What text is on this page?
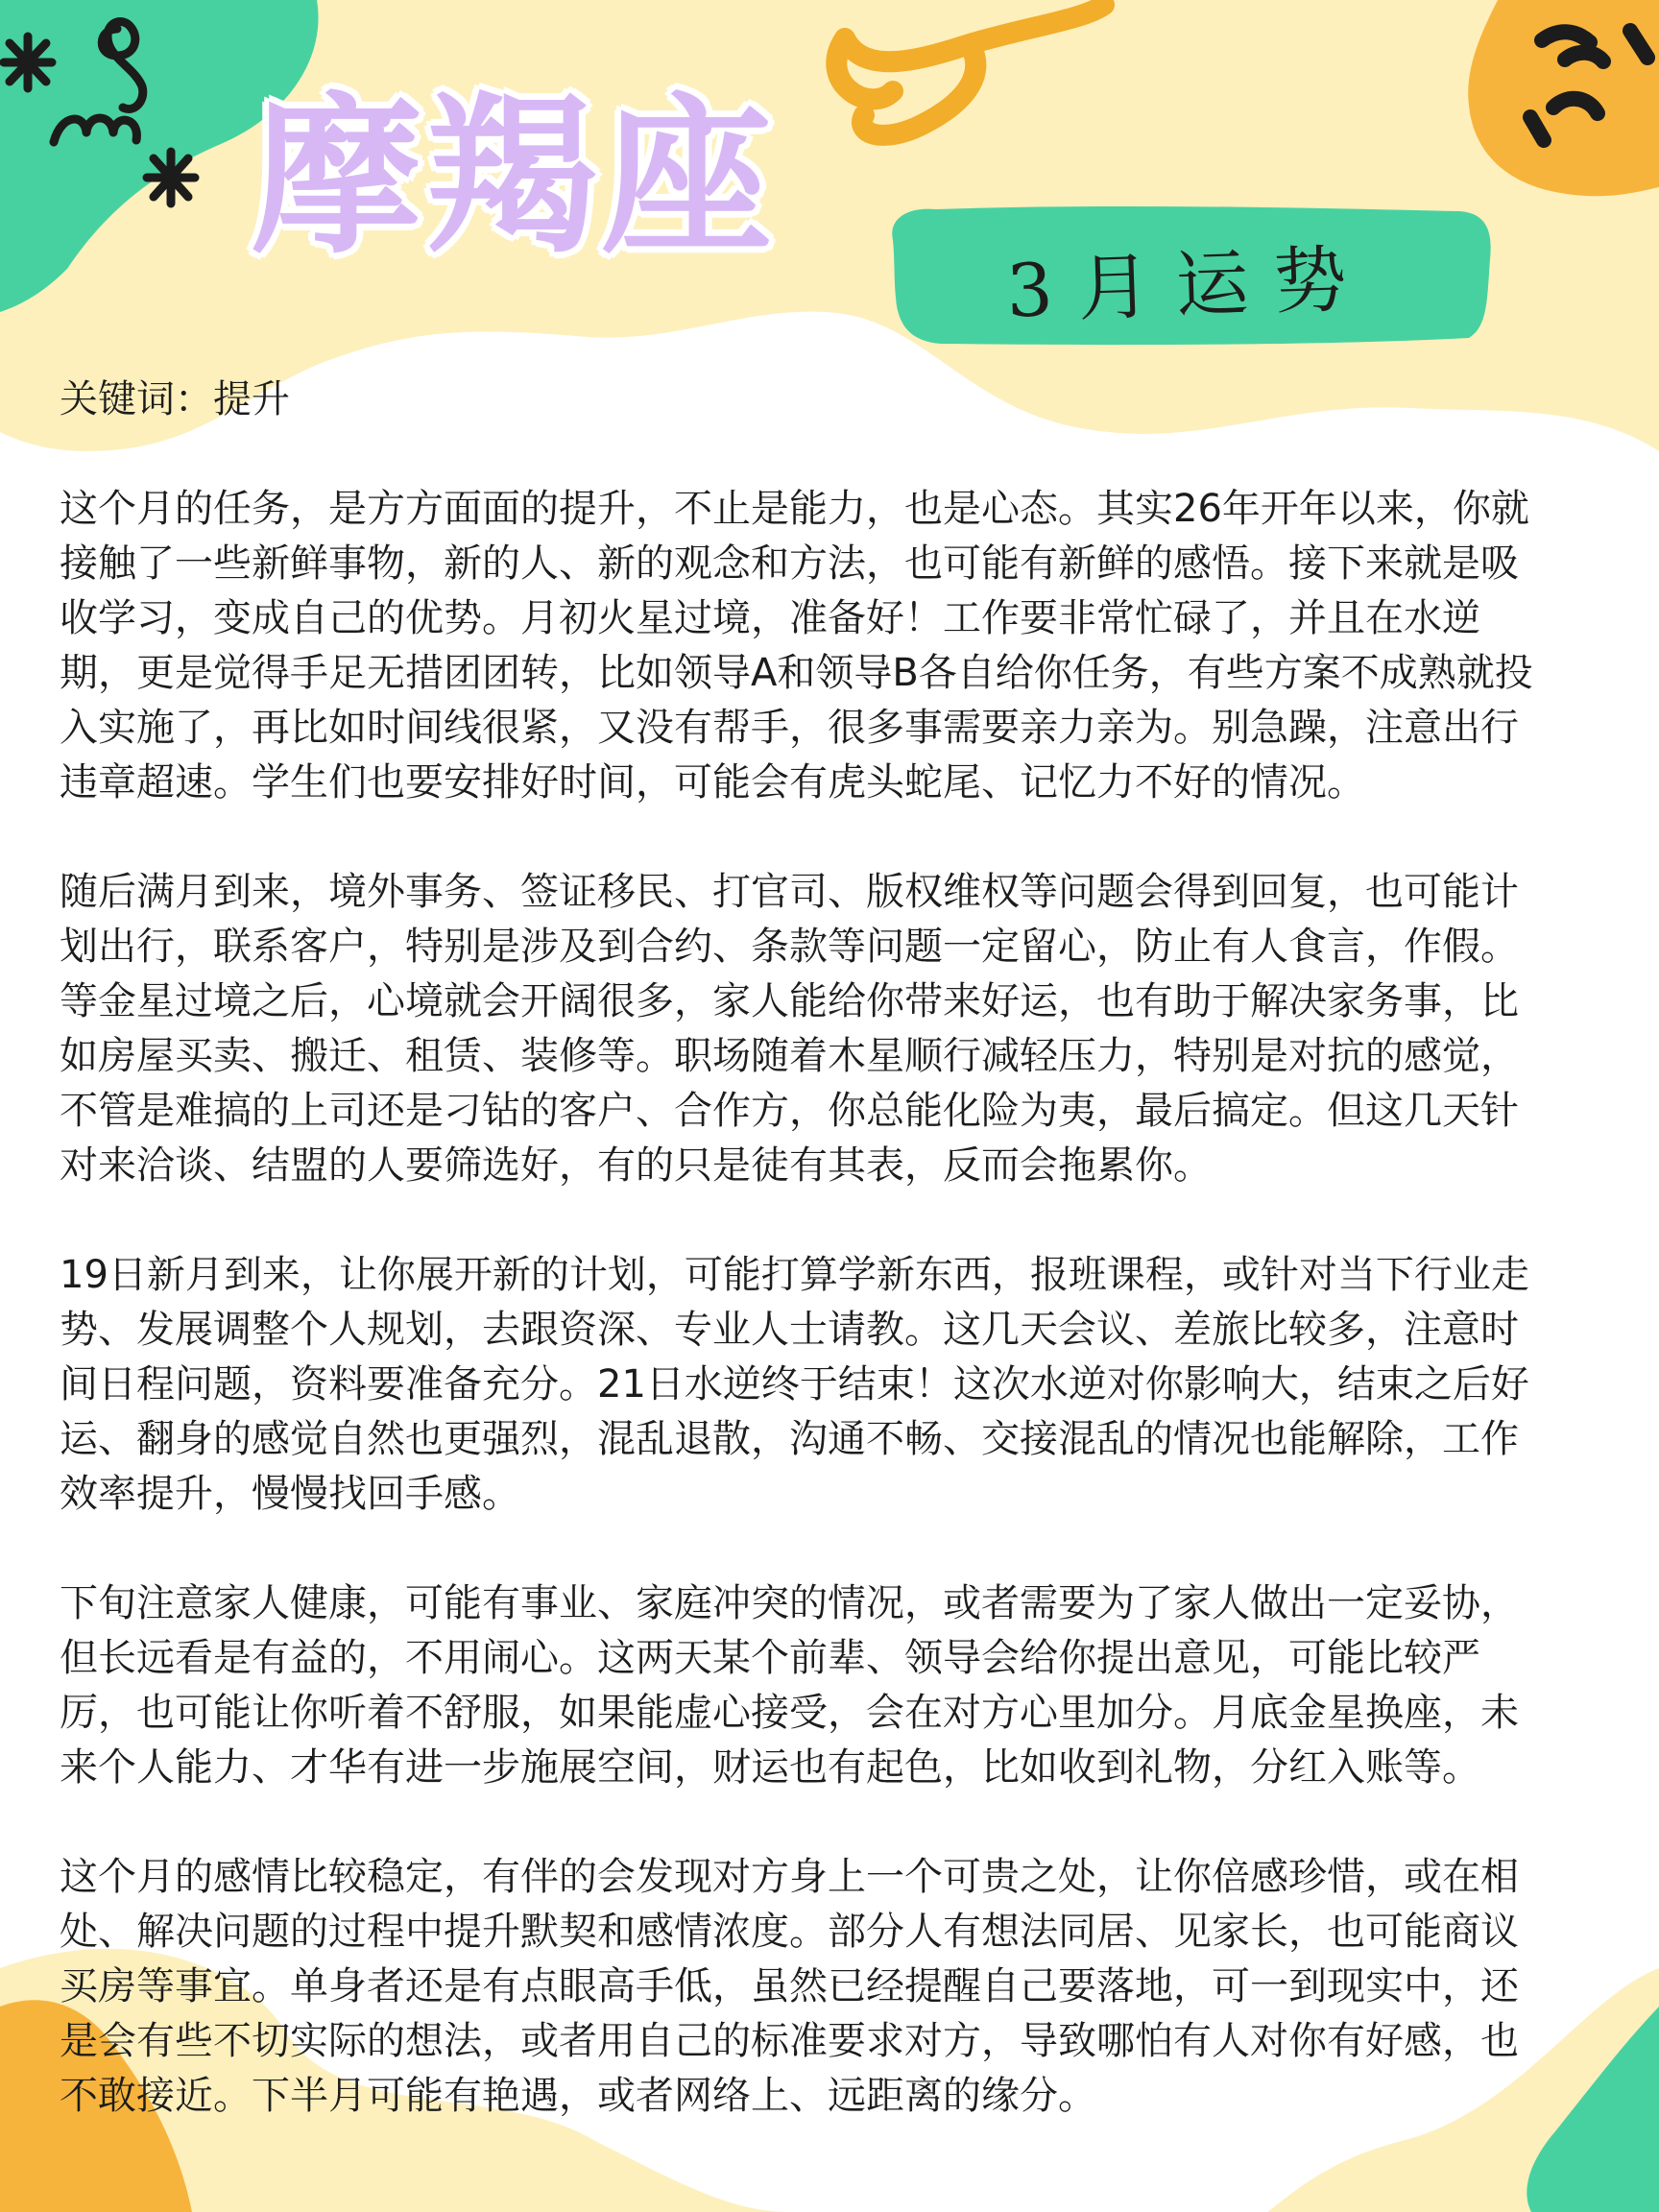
摩羯座
3月运势

关键词：提升

这个月的任务，是方方面面的提升，不止是能力，也是心态。其实26年开年以来，你就

接触了一些新鲜事物，新的人、新的观念和方法，也可能有新鲜的感悟。接下来就是吸

收学习，变成自己的优势。月初火星过境，准备好！工作要非常忙碌了，并且在水逆

期，更是觉得手足无措团团转，比如领导A和领导B各自给你任务，有些方案不成熟就投

入实施了，再比如时间线很紧，又没有帮手，很多事需要亲力亲为。别急躁，注意出行

违章超速。学生们也要安排好时间，可能会有虎头蛇尾、记忆力不好的情况。

随后满月到来，境外事务、签证移民、打官司、版权维权等问题会得到回复，也可能计

划出行，联系客户，特别是涉及到合约、条款等问题一定留心，防止有人食言，作假。

等金星过境之后，心境就会开阔很多，家人能给你带来好运，也有助于解决家务事，比

如房屋买卖、搬迁、租赁、装修等。职场随着木星顺行减轻压力，特别是对抗的感觉，

不管是难搞的上司还是刁钻的客户、合作方，你总能化险为夷，最后搞定。但这几天针

对来洽谈、结盟的人要筛选好，有的只是徒有其表，反而会拖累你。

19日新月到来，让你展开新的计划，可能打算学新东西，报班课程，或针对当下行业走

势、发展调整个人规划，去跟资深、专业人士请教。这几天会议、差旅比较多，注意时

间日程问题，资料要准备充分。21日水逆终于结束！这次水逆对你影响大，结束之后好

运、翻身的感觉自然也更强烈，混乱退散，沟通不畅、交接混乱的情况也能解除，工作

效率提升，慢慢找回手感。

下旬注意家人健康，可能有事业、家庭冲突的情况，或者需要为了家人做出一定妥协，

但长远看是有益的，不用闹心。这两天某个前辈、领导会给你提出意见，可能比较严

厉，也可能让你听着不舒服，如果能虚心接受，会在对方心里加分。月底金星换座，未

来个人能力、才华有进一步施展空间，财运也有起色，比如收到礼物，分红入账等。

这个月的感情比较稳定，有伴的会发现对方身上一个可贵之处，让你倍感珍惜，或在相

处、解决问题的过程中提升默契和感情浓度。部分人有想法同居、见家长，也可能商议

买房等事宜。单身者还是有点眼高手低，虽然已经提醒自己要落地，可一到现实中，还

是会有些不切实际的想法，或者用自己的标准要求对方，导致哪怕有人对你有好感，也

不敢接近。下半月可能有艳遇，或者网络上、远距离的缘分。
